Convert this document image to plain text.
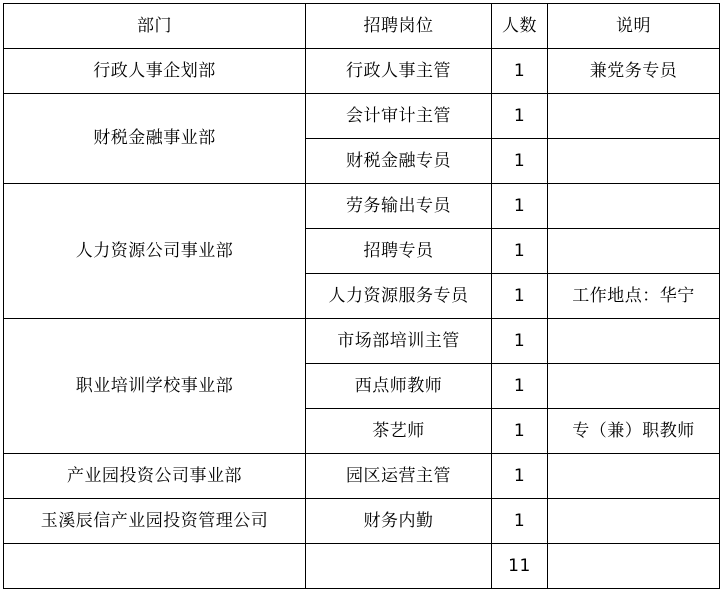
部门	招聘岗位	人数	说明
行政人事企划部	行政人事主管	1	兼党务专员
财税金融事业部	会计审计主管	1	
	财税金融专员	1	
人力资源公司事业部	劳务输出专员	1	
	招聘专员	1	
	人力资源服务专员	1	工作地点：华宁
职业培训学校事业部	市场部培训主管	1	
	西点师教师	1	
	茶艺师	1	专（兼）职教师
产业园投资公司事业部	园区运营主管	1	
玉溪辰信产业园投资管理公司	财务内勤	1	
		11	
